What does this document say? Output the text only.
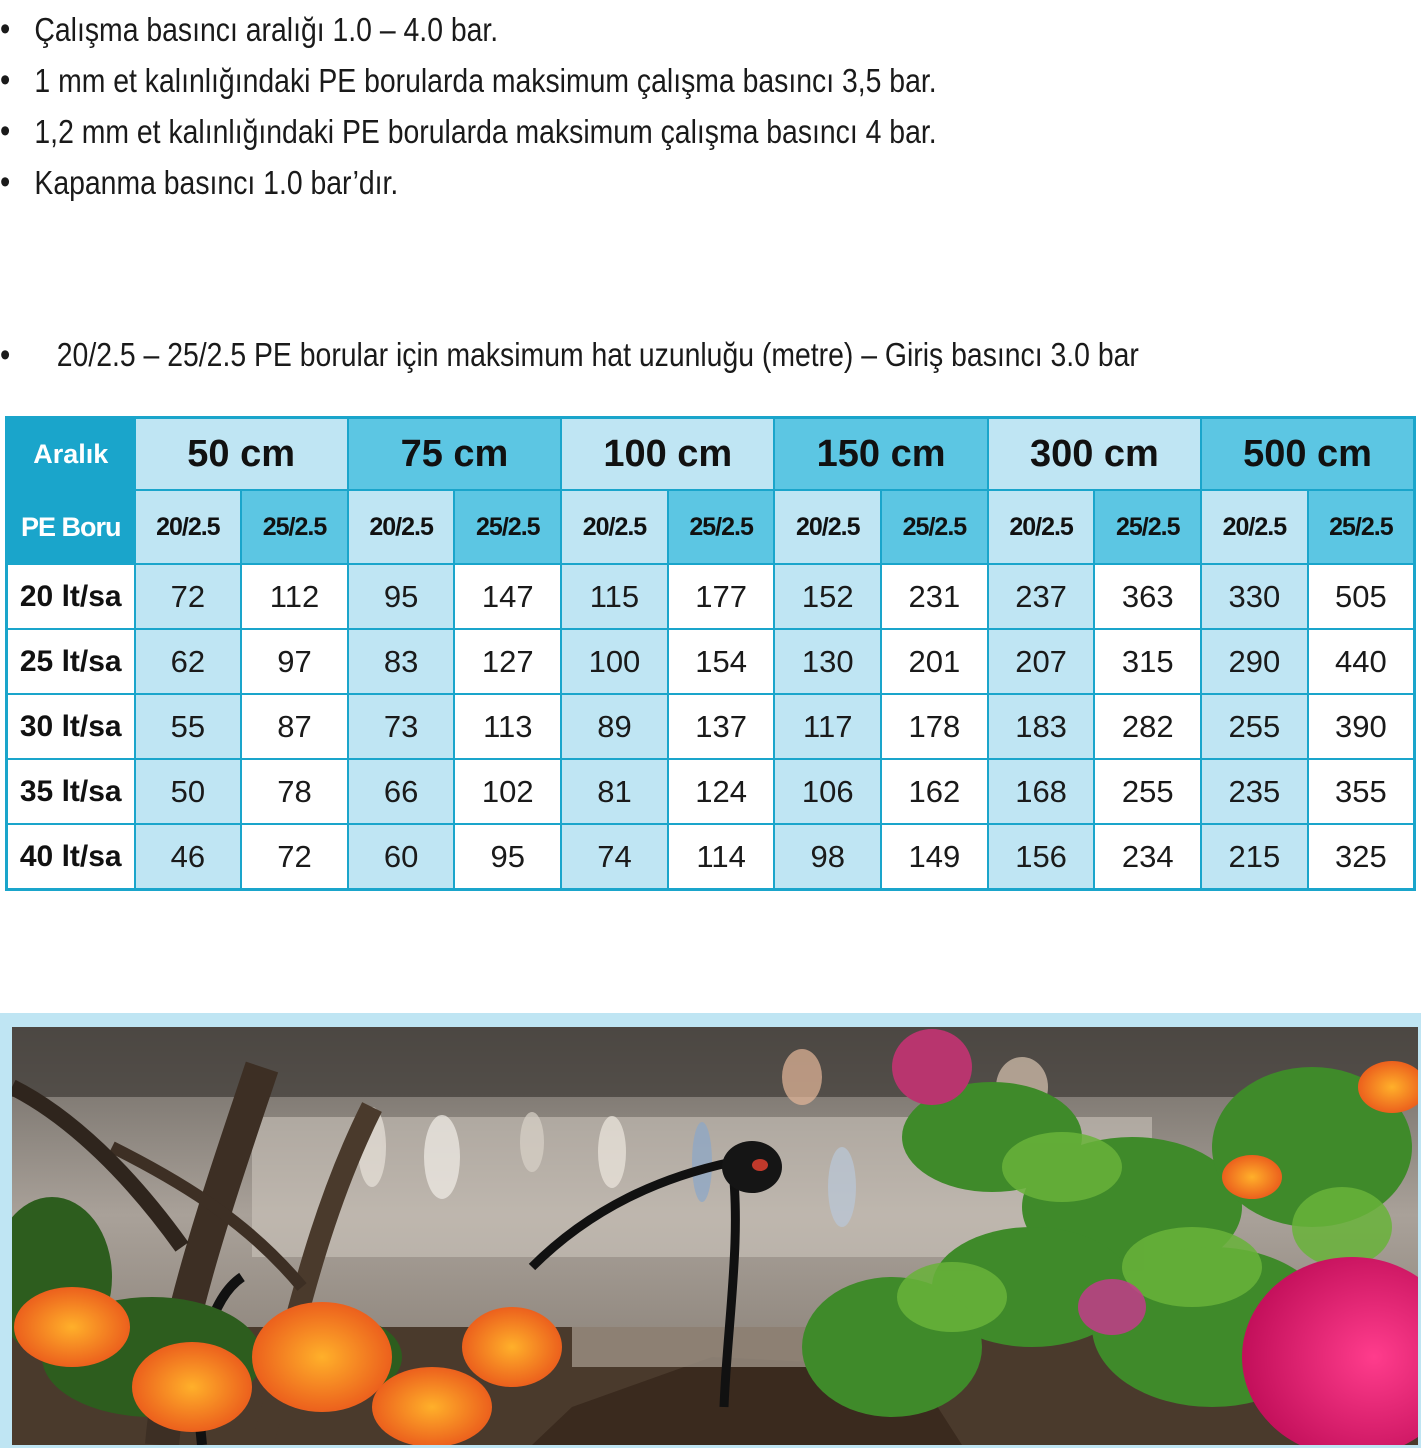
• Çalışma basıncı aralığı 1.0 – 4.0 bar.
• 1 mm et kalınlığındaki PE borularda maksimum çalışma basıncı 3,5 bar.
• 1,2 mm et kalınlığındaki PE borularda maksimum çalışma basıncı 4 bar.
• Kapanma basıncı 1.0 bar’dır.
• 20/2.5 – 25/2.5 PE borular için maksimum hat uzunluğu (metre) – Giriş basıncı 3.0 bar
Aralık	50 cm		75 cm		100 cm		150 cm		300 cm		500 cm	
PE Boru	20/2.5	25/2.5	20/2.5	25/2.5	20/2.5	25/2.5	20/2.5	25/2.5	20/2.5	25/2.5	20/2.5	25/2.5
20 lt/sa	72	112	95	147	115	177	152	231	237	363	330	505
25 lt/sa	62	97	83	127	100	154	130	201	207	315	290	440
30 lt/sa	55	87	73	113	89	137	117	178	183	282	255	390
35 lt/sa	50	78	66	102	81	124	106	162	168	255	235	355
40 lt/sa	46	72	60	95	74	114	98	149	156	234	215	325
